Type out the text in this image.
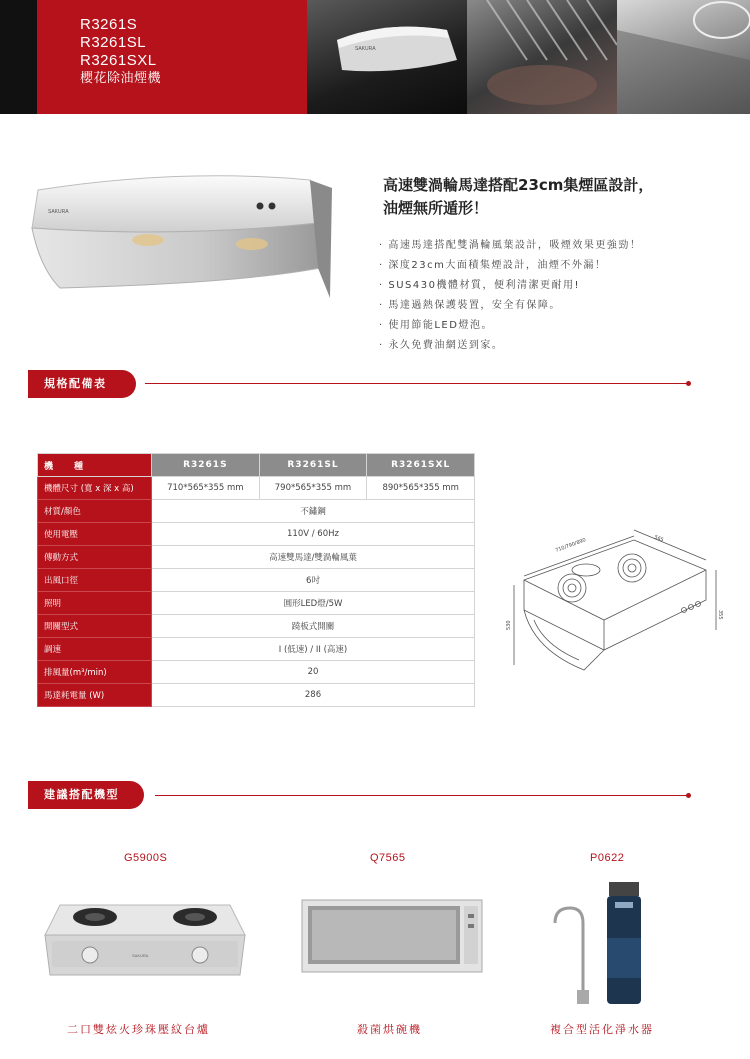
SAKURA
R3261S
R3261SL
R3261SXL
櫻花除油煙機
SUS430機體材質
便利清潔更耐用	鋼網烤漆塗佈，清洗沒煩惱	23cm加深集體設計
SAKURA
高速雙渦輪馬達搭配23cm集煙區設計，
油煙無所遁形！
· 高速馬達搭配雙渦輪風葉設計，吸煙效果更強勁！
· 深度23cm大面積集煙設計，油煙不外漏！
· SUS430機體材質，便利清潔更耐用!
· 馬達過熱保護裝置，安全有保障。
· 使用節能LED燈泡。
· 永久免費油網送到家。
規格配備表
機　　種	R3261S	R3261SL	R3261SXL
機體尺寸 (寬 x 深 x 高)	710*565*355 mm	790*565*355 mm	890*565*355 mm
材質/顏色	不鏽鋼		
使用電壓	110V / 60Hz		
傳動方式	高速雙馬達/雙渦輪風葉		
出風口徑	6吋		
照明	圓形LED燈/5W		
開關型式	蹺板式開關		
調速	I (低速) / II (高速)		
排風量(m³/min)	20		
馬達耗電量 (W)	286		
710/790/890	565
355
530
建議搭配機型
G5900S	Q7565	P0622
SAKURA
二口雙炫火珍珠壓紋台爐	殺菌烘碗機	複合型活化淨水器
